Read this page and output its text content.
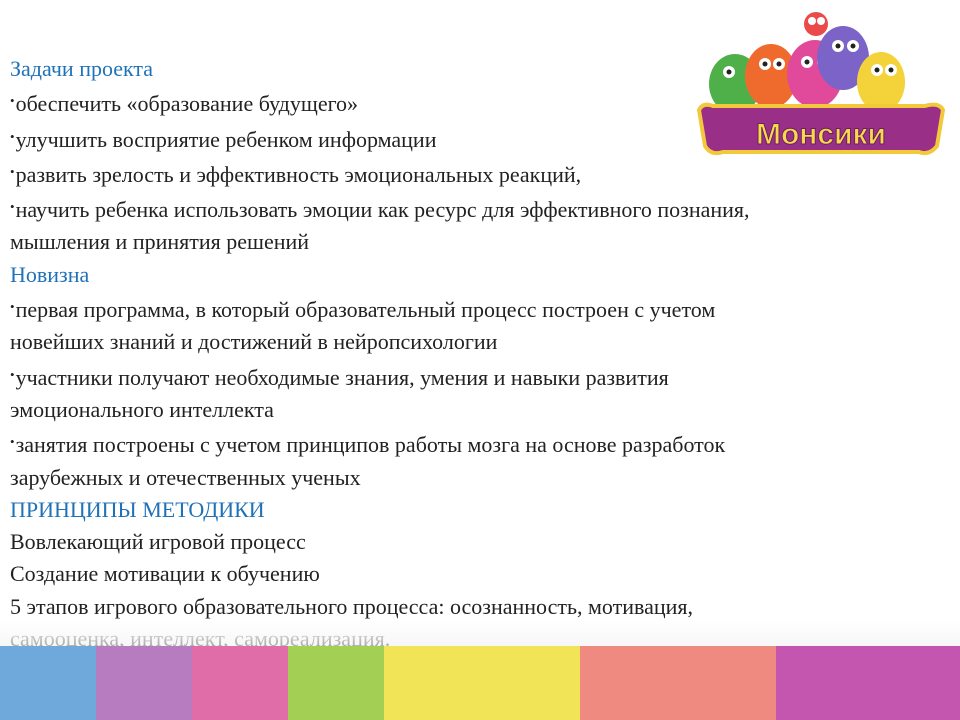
Задачи проекта
•обеспечить «образование будущего»
•улучшить восприятие ребенком информации
•развить зрелость и эффективность эмоциональных реакций,
•научить ребенка использовать эмоции как ресурс для эффективного познания,
мышления и принятия решений
Новизна
•первая программа, в который образовательный процесс построен с учетом
новейших знаний и достижений в нейропсихологии
•участники получают необходимые знания, умения и навыки развития
эмоционального интеллекта
•занятия построены с учетом принципов работы мозга на основе разработок
зарубежных и отечественных ученых
ПРИНЦИПЫ МЕТОДИКИ
Вовлекающий игровой процесс
Создание мотивации к обучению
5 этапов игрового образовательного процесса: осознанность, мотивация,
Монсики
